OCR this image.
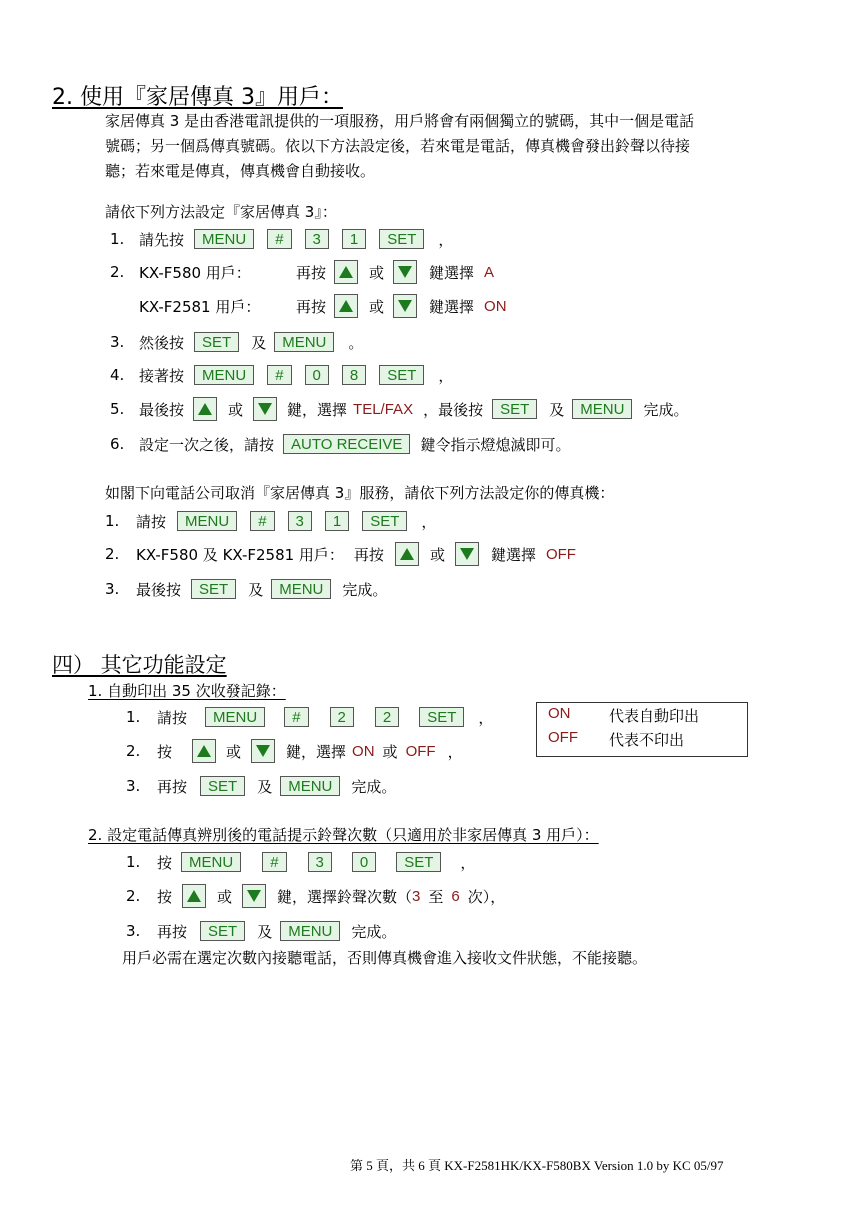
2. 使用『家居傳真 3』用戶：
家居傳真 3 是由香港電訊提供的一項服務，用戶將會有兩個獨立的號碼，其中一個是電話
號碼；另一個爲傳真號碼。依以下方法設定後，若來電是電話，傳真機會發出鈴聲以待接
聽；若來電是傳真，傳真機會自動接收。
請依下列方法設定『家居傳真 3』：
1. 請先按	MENU	#	3	1	SET	，
2. KX-F580 用戶：	再按	或	鍵選擇 A
KX-F2581 用戶：	再按	或	鍵選擇 ON
3. 然後按	SET	及	MENU	。
4. 接著按	MENU	#	0	8	SET	，
5. 最後按	或	鍵，選擇 TEL/FAX ，最後按	SET	及	MENU	完成。
6. 設定一次之後，請按	AUTO RECEIVE	鍵令指示燈熄滅即可。
如閣下向電話公司取消『家居傳真 3』服務，請依下列方法設定你的傳真機：
1.	請按	MENU	#	3	1	SET	，
2.	KX-F580 及 KX-F2581 用戶： 再按	或	鍵選擇 OFF
3.	最後按	SET	及	MENU	完成。
四） 其它功能設定
1. 自動印出 35 次收發記錄：
1.	請按	MENU	#	2	2	SET	，
2.	按	或	鍵，選擇 ON 或 OFF ，
3.	再按	SET	及	MENU	完成。
ON	代表自動印出
OFF 代表不印出
2. 設定電話傳真辨別後的電話提示鈴聲次數（只適用於非家居傳真 3 用戶）：
1.	按	MENU	#	3	0	SET	，
2.	按	或	鍵，選擇鈴聲次數（ 3 至 6 次），
3.	再按	SET	及	MENU	完成。
用戶必需在選定次數內接聽電話，否則傳真機會進入接收文件狀態，不能接聽。
第 5 頁，共 6 頁 KX-F2581HK/KX-F580BX Version 1.0 by KC 05/97
